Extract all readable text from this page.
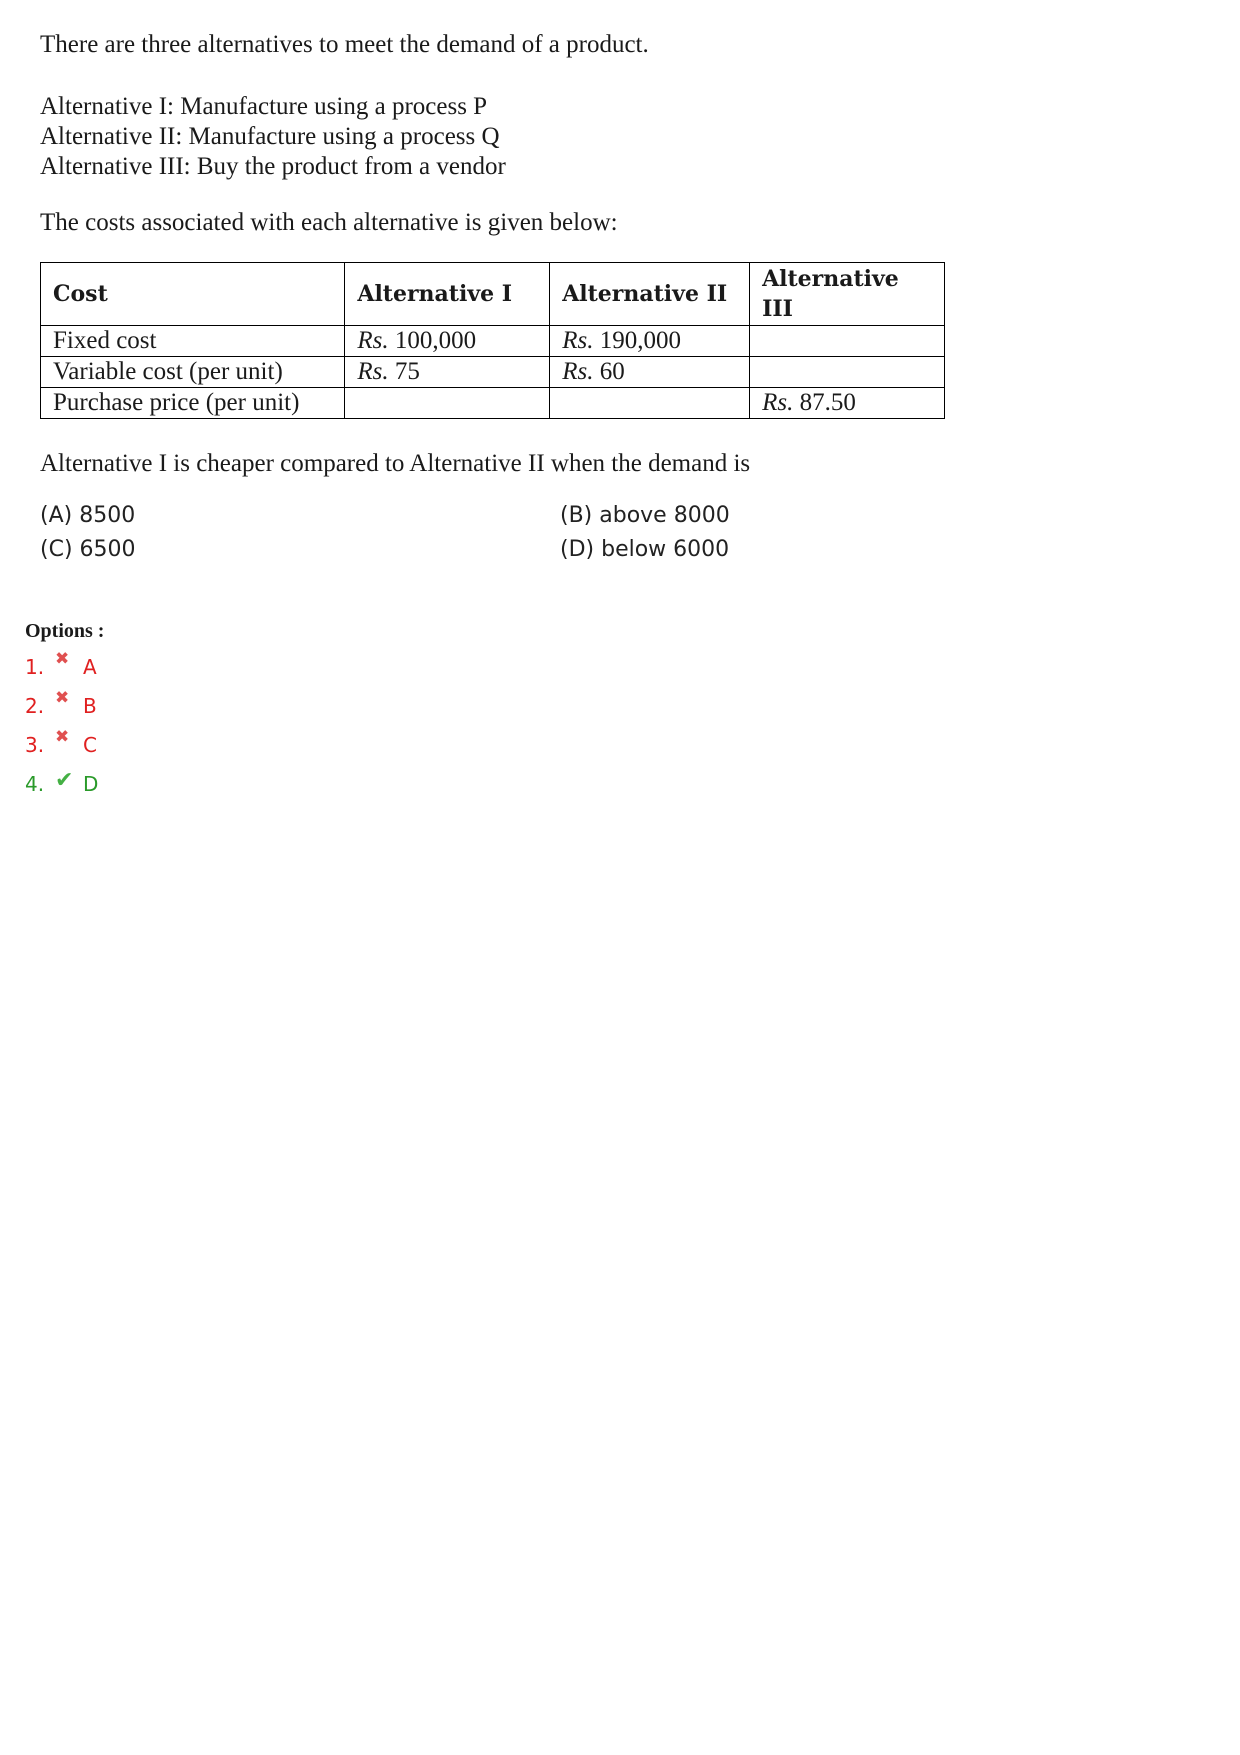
There are three alternatives to meet the demand of a product.
Alternative I: Manufacture using a process P
Alternative II: Manufacture using a process Q
Alternative III: Buy the product from a vendor
The costs associated with each alternative is given below:
Cost	Alternative I	Alternative II	Alternative III
Fixed cost	Rs. 100,000	Rs. 190,000	
Variable cost (per unit)	Rs. 75	Rs. 60	
Purchase price (per unit)			Rs. 87.50
Alternative I is cheaper compared to Alternative II when the demand is
(A) 8500	(B) above 8000
(C) 6500	(D) below 6000
Options :
1. ✖ A
2. ✖ B
3. ✖ C
4. ✔ D
